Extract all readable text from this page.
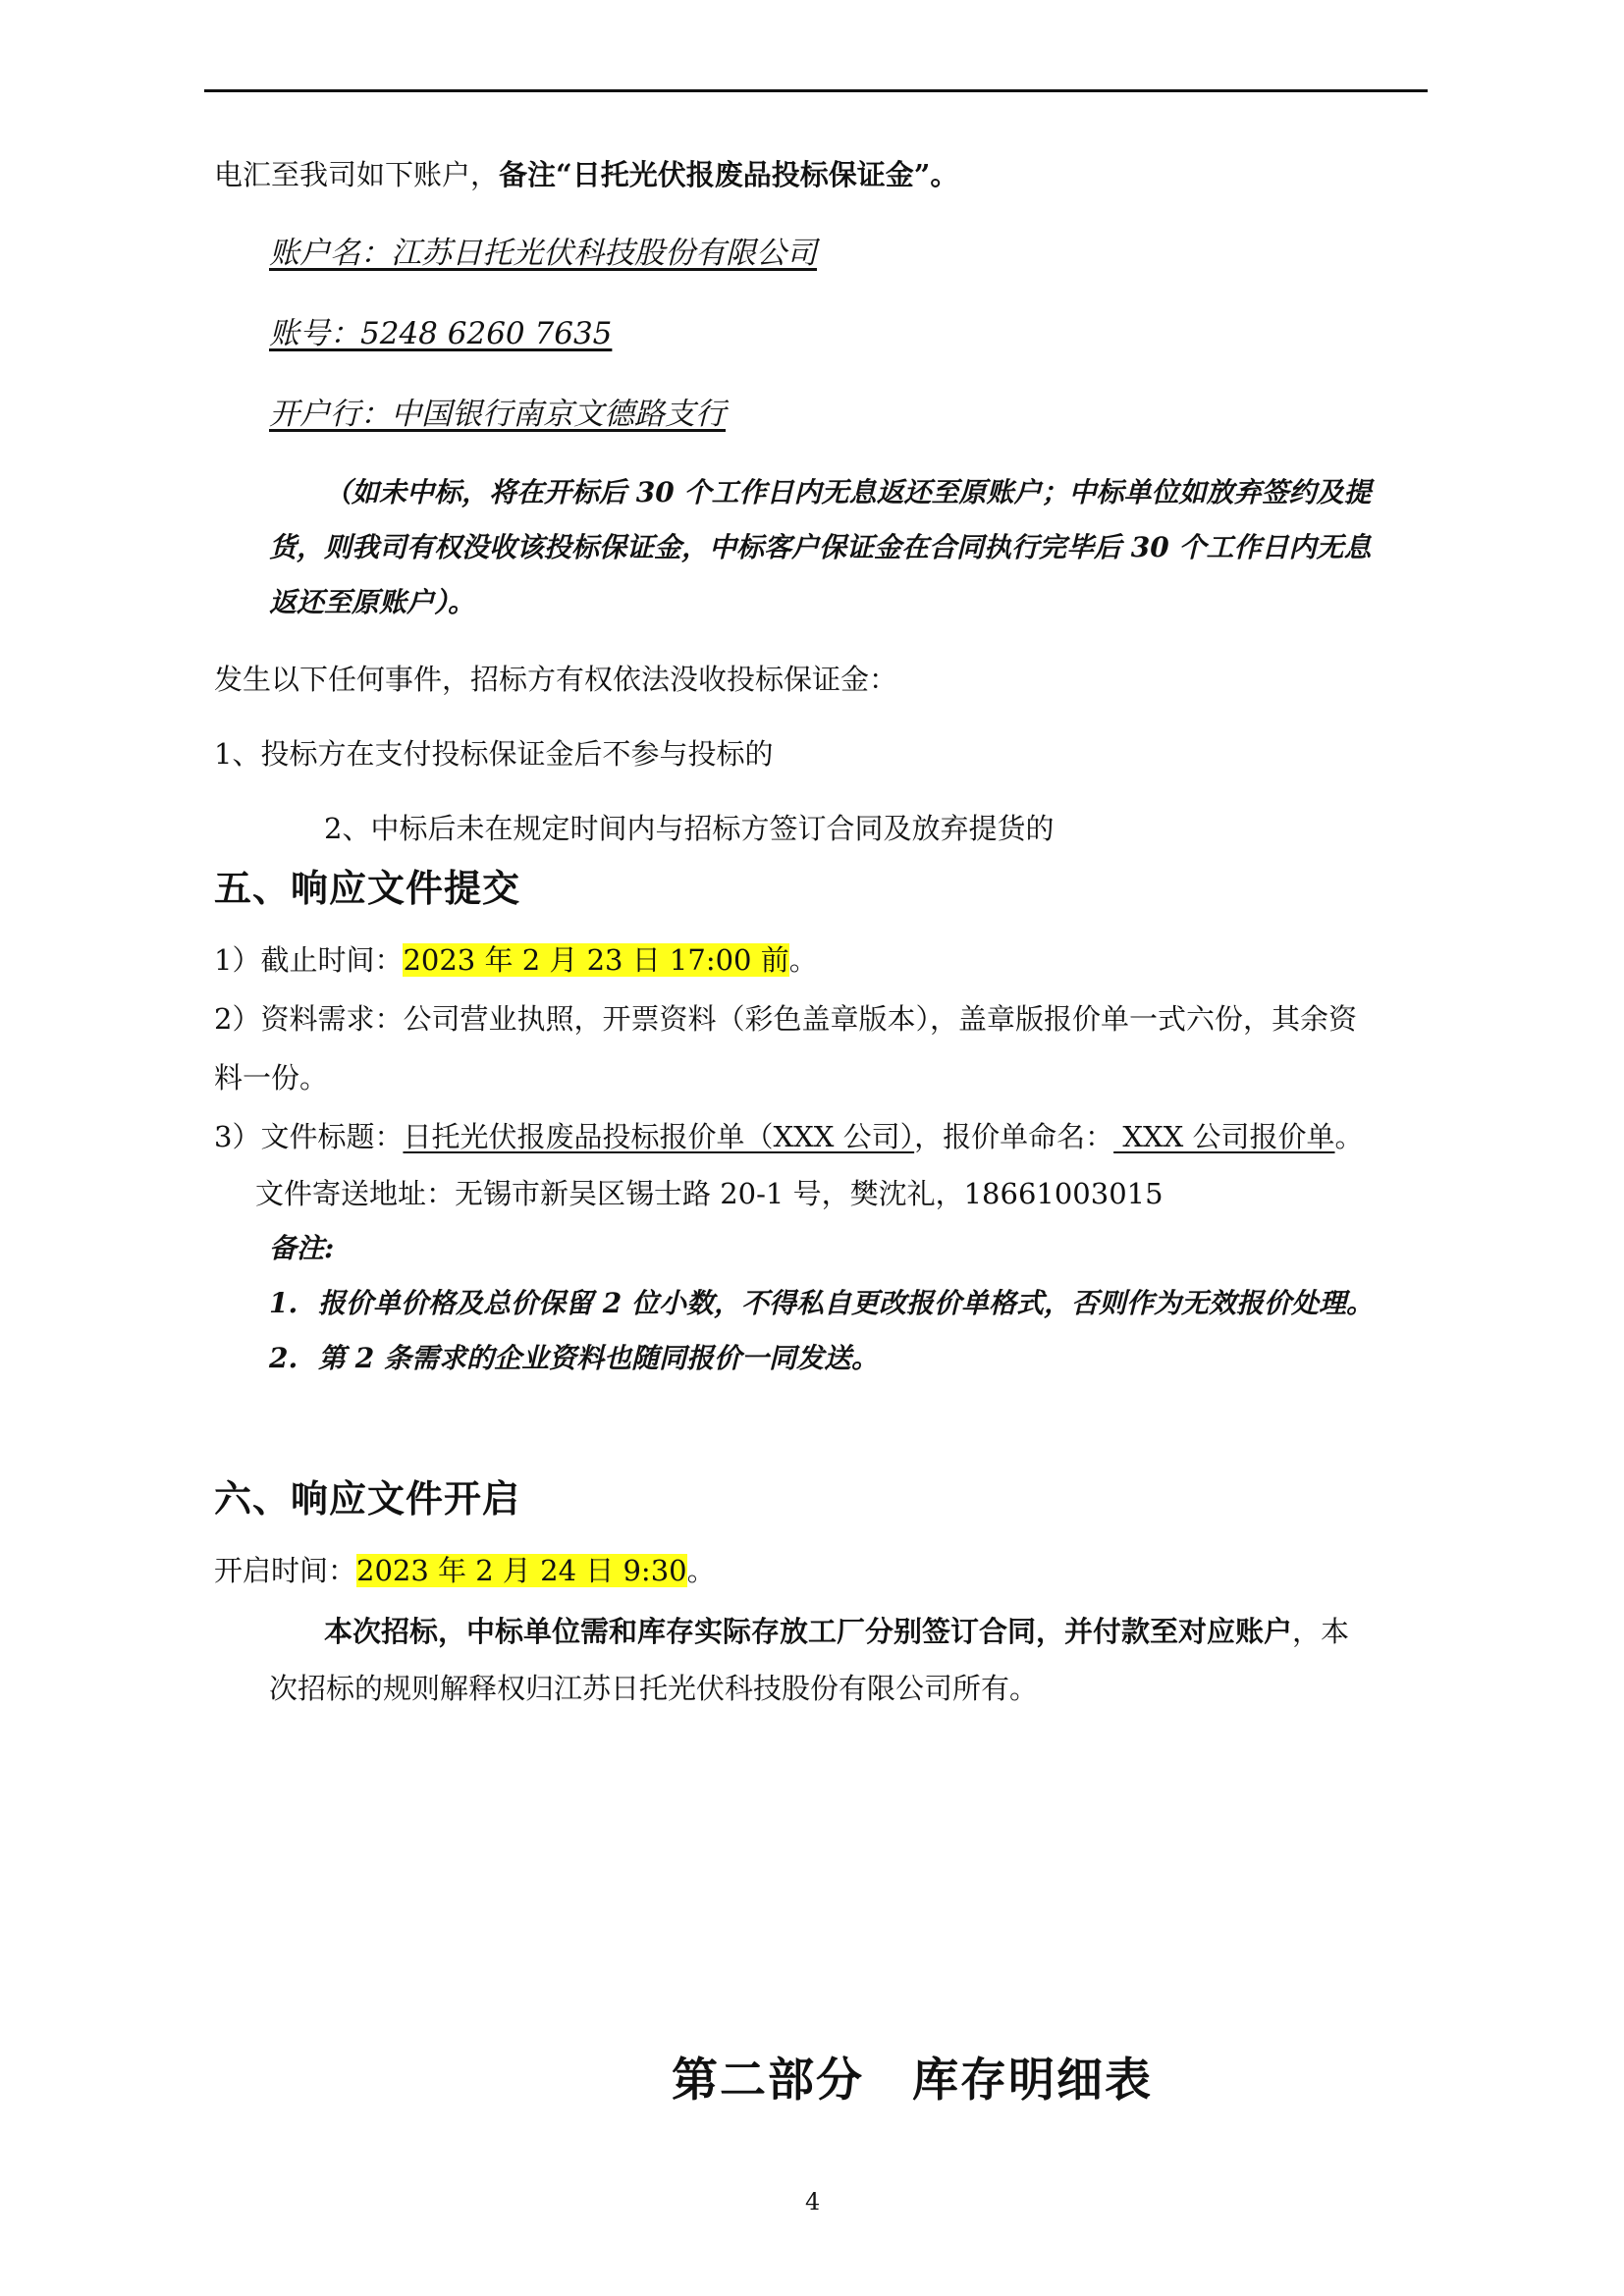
电汇至我司如下账户，备注“日托光伏报废品投标保证金”。
账户名：江苏日托光伏科技股份有限公司
账号：5248 6260 7635
开户行：中国银行南京文德路支行
（如未中标，将在开标后 30 个工作日内无息返还至原账户；中标单位如放弃签约及提
货，则我司有权没收该投标保证金，中标客户保证金在合同执行完毕后 30 个工作日内无息
返还至原账户）。
发生以下任何事件，招标方有权依法没收投标保证金：
1、投标方在支付投标保证金后不参与投标的
2、中标后未在规定时间内与招标方签订合同及放弃提货的
五、响应文件提交
1）截止时间：2023 年 2 月 23 日 17:00 前。
2）资料需求：公司营业执照，开票资料（彩色盖章版本），盖章版报价单一式六份，其余资
料一份。
3）文件标题：日托光伏报废品投标报价单（XXX 公司），报价单命名： XXX 公司报价单。
文件寄送地址：无锡市新吴区锡士路 20-1 号，樊沈礼，18661003015
备注:
1. 报价单价格及总价保留 2 位小数，不得私自更改报价单格式，否则作为无效报价处理。
2. 第 2 条需求的企业资料也随同报价一同发送。
六、响应文件开启
开启时间：2023 年 2 月 24 日 9:30。
本次招标，中标单位需和库存实际存放工厂分别签订合同，并付款至对应账户，本
次招标的规则解释权归江苏日托光伏科技股份有限公司所有。
第二部分　库存明细表
4
